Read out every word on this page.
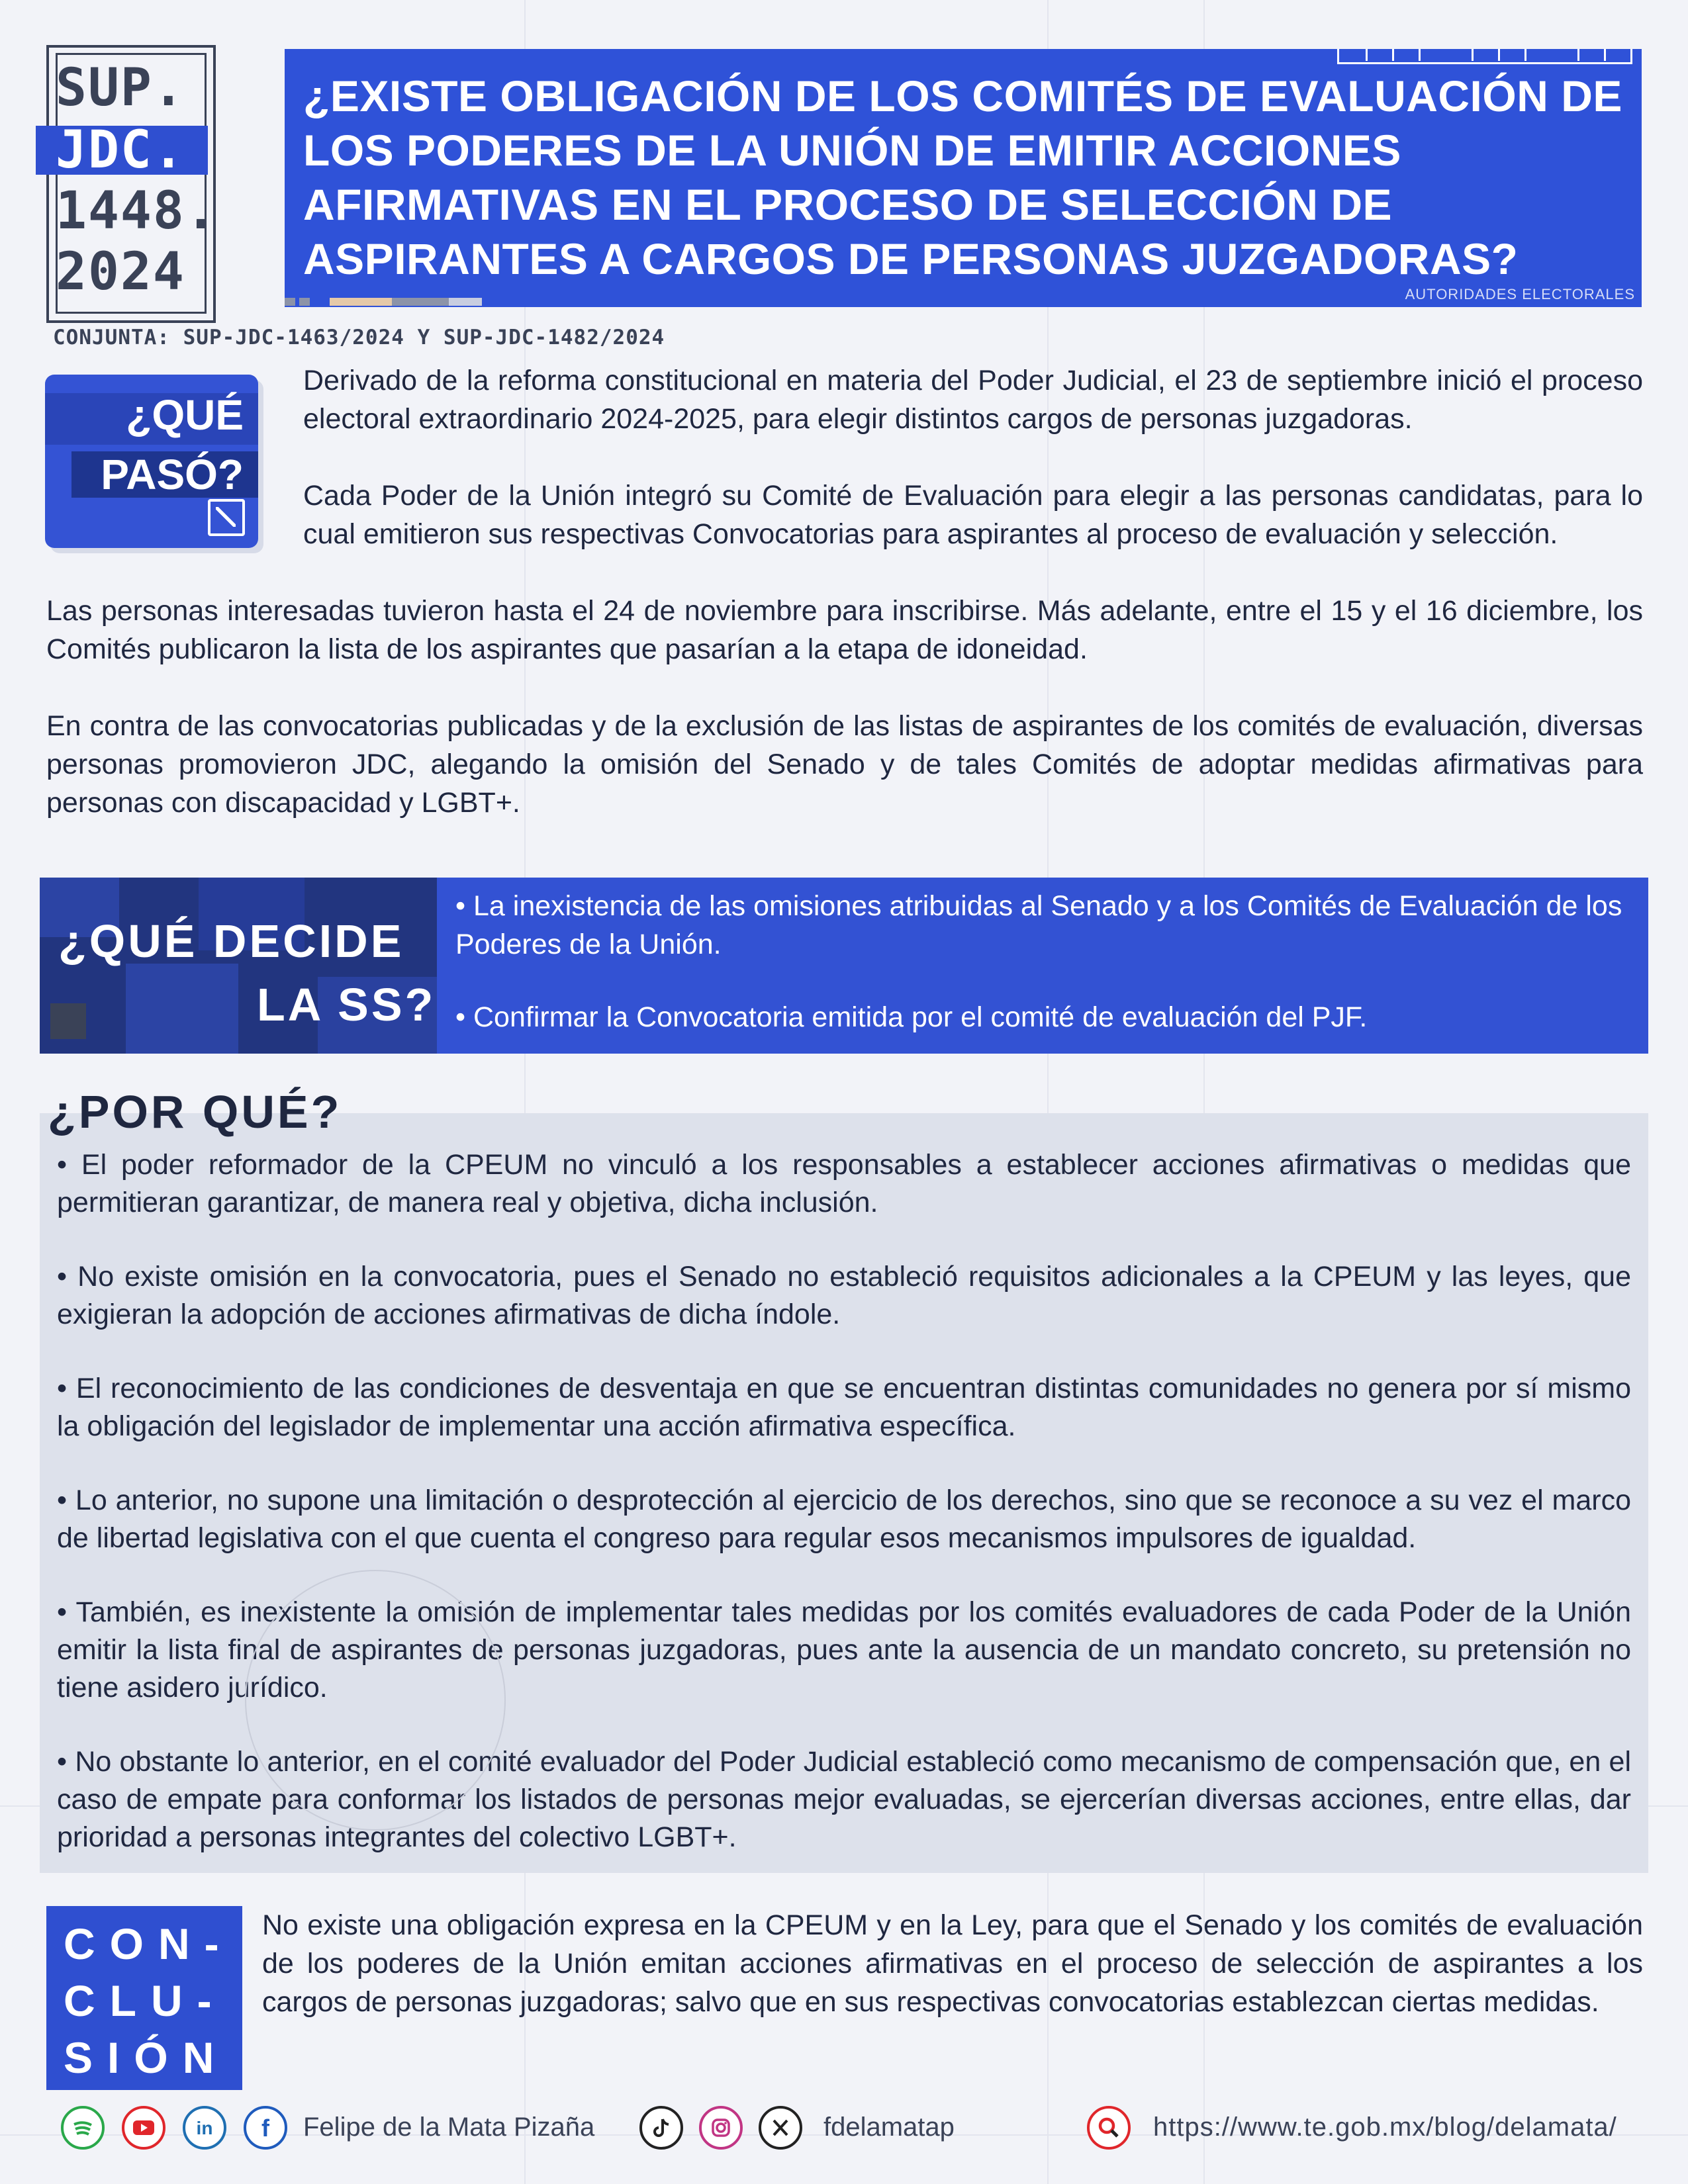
SUP.
JDC.
1448.
2024
¿EXISTE OBLIGACIÓN DE LOS COMITÉS DE EVALUACIÓN DE LOS PODERES DE LA UNIÓN DE EMITIR ACCIONES AFIRMATIVAS EN EL PROCESO DE SELECCIÓN DE ASPIRANTES A CARGOS DE PERSONAS JUZGADORAS?
AUTORIDADES ELECTORALES
CONJUNTA: SUP-JDC-1463/2024 Y SUP-JDC-1482/2024
¿QUÉ
PASÓ?

Derivado de la reforma constitucional en materia del Poder Judicial, el 23 de septiembre inició el proceso electoral extraordinario 2024-2025, para elegir distintos cargos de personas juzgadoras.

Cada Poder de la Unión integró su Comité de Evaluación para elegir a las personas candidatas, para lo cual emitieron sus respectivas Convocatorias para aspirantes al proceso de evaluación y selección.

Las personas interesadas tuvieron hasta el 24 de noviembre para inscribirse. Más adelante, entre el 15 y el 16 diciembre, los Comités publicaron la lista de los aspirantes que pasarían a la etapa de idoneidad.

En contra de las convocatorias publicadas y de la exclusión de las listas de aspirantes de los comités de evaluación, diversas personas promovieron JDC, alegando la omisión del Senado y de tales Comités de adoptar medidas afirmativas para personas con discapacidad y LGBT+.

¿QUÉ DECIDE
LA SS?
• La inexistencia de las omisiones atribuidas al Senado y a los Comités de Evaluación de los Poderes de la Unión.
• Confirmar la Convocatoria emitida por el comité de evaluación del PJF.
• El poder reformador de la CPEUM no vinculó a los responsables a establecer acciones afirmativas o medidas que permitieran garantizar, de manera real y objetiva, dicha inclusión.
• No existe omisión en la convocatoria, pues el Senado no estableció requisitos adicionales a la CPEUM y las leyes, que exigieran la adopción de acciones afirmativas de dicha índole.
• El reconocimiento de las condiciones de desventaja en que se encuentran distintas comunidades no genera por sí mismo la obligación del legislador de implementar una acción afirmativa específica.
• Lo anterior, no supone una limitación o desprotección al ejercicio de los derechos, sino que se reconoce a su vez el marco de libertad legislativa con el que cuenta el congreso para regular esos mecanismos impulsores de igualdad.
• También, es inexistente la omisión de implementar tales medidas por los comités evaluadores de cada Poder de la Unión emitir la lista final de aspirantes de personas juzgadoras, pues ante la ausencia de un mandato concreto, su pretensión no tiene asidero jurídico.
• No obstante lo anterior, en el comité evaluador del Poder Judicial estableció como mecanismo de compensación que, en el caso de empate para conformar los listados de personas mejor evaluadas, se ejercerían diversas acciones, entre ellas, dar prioridad a personas integrantes del colectivo LGBT+.
¿POR QUÉ?
CON-
CLU-
SIÓN
No existe una obligación expresa en la CPEUM y en la Ley, para que el Senado y los comités de evaluación de los poderes de la Unión emitan acciones afirmativas en el proceso de selección de aspirantes a los cargos de personas juzgadoras; salvo que en sus respectivas convocatorias establezcan ciertas medidas.
in f Felipe de la Mata Pizaña	fdelamatap	https://www.te.gob.mx/blog/delamata/
